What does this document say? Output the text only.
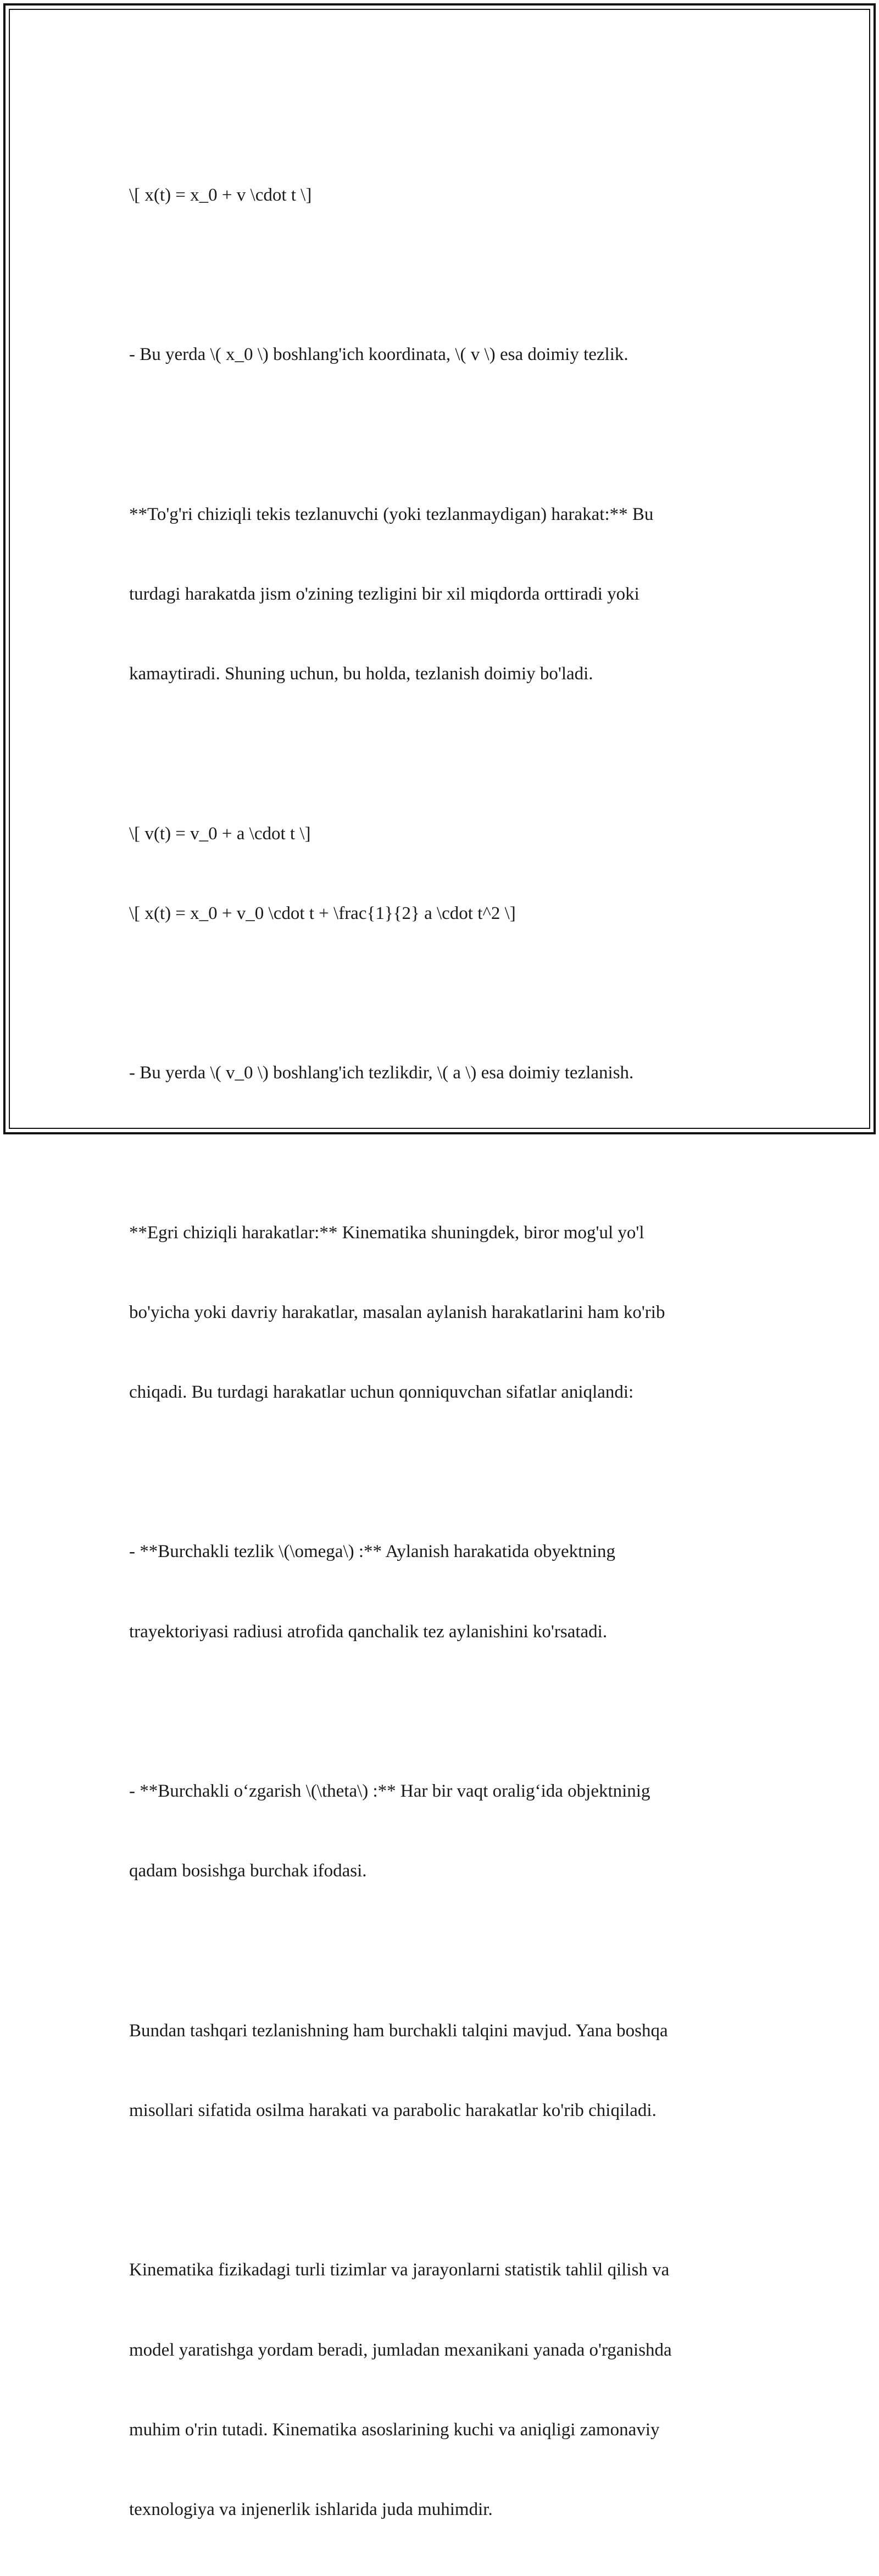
\[ x(t) = x_0 + v \cdot t \]

- Bu yerda \( x_0 \) boshlang'ich koordinata, \( v \) esa doimiy tezlik.

**To'g'ri chiziqli tekis tezlanuvchi (yoki tezlanmaydigan) harakat:** Bu

turdagi harakatda jism o'zining tezligini bir xil miqdorda orttiradi yoki

kamaytiradi. Shuning uchun, bu holda, tezlanish doimiy bo'ladi.

\[ v(t) = v_0 + a \cdot t \]

\[ x(t) = x_0 + v_0 \cdot t + \frac{1}{2} a \cdot t^2 \]

- Bu yerda \( v_0 \) boshlang'ich tezlikdir, \( a \) esa doimiy tezlanish.

**Egri chiziqli harakatlar:** Kinematika shuningdek, biror mog'ul yo'l

bo'yicha yoki davriy harakatlar, masalan aylanish harakatlarini ham ko'rib

chiqadi. Bu turdagi harakatlar uchun qonniquvchan sifatlar aniqlandi:

- **Burchakli tezlik \(\omega\) :** Aylanish harakatida obyektning

trayektoriyasi radiusi atrofida qanchalik tez aylanishini ko'rsatadi.

- **Burchakli o‘zgarish \(\theta\) :** Har bir vaqt oralig‘ida objektninig

qadam bosishga burchak ifodasi.

Bundan tashqari tezlanishning ham burchakli talqini mavjud. Yana boshqa

misollari sifatida osilma harakati va parabolic harakatlar ko'rib chiqiladi.

Kinematika fizikadagi turli tizimlar va jarayonlarni statistik tahlil qilish va

model yaratishga yordam beradi, jumladan mexanikani yanada o'rganishda

muhim o'rin tutadi. Kinematika asoslarining kuchi va aniqligi zamonaviy

texnologiya va injenerlik ishlarida juda muhimdir.
